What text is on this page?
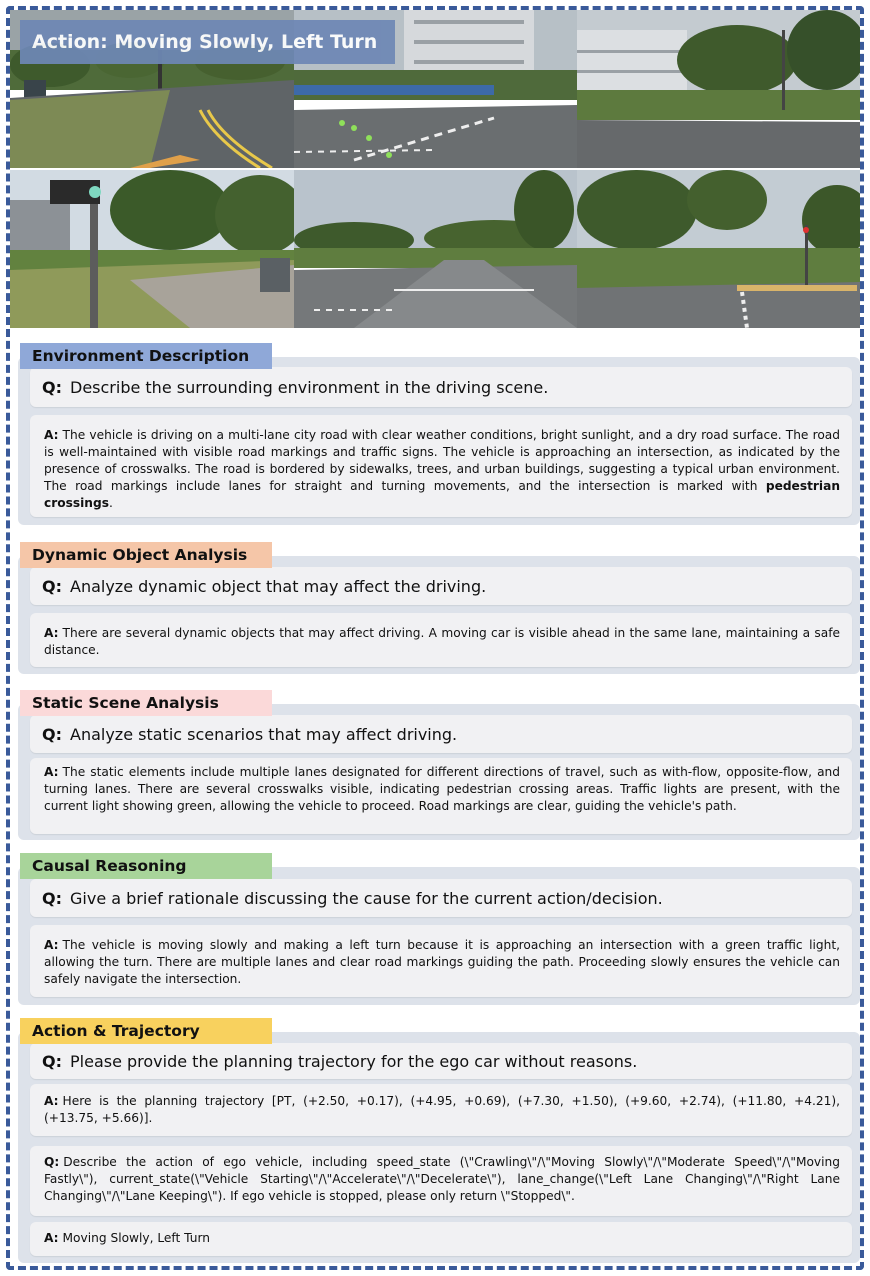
Action: Moving Slowly, Left Turn
Environment Description
Q: Describe the surrounding environment in the driving scene.
A: The vehicle is driving on a multi-lane city road with clear weather conditions, bright sunlight, and a dry road surface. The road is well-maintained with visible road markings and traffic signs. The vehicle is approaching an intersection, as indicated by the presence of crosswalks. The road is bordered by sidewalks, trees, and urban buildings, suggesting a typical urban environment. The road markings include lanes for straight and turning movements, and the intersection is marked with pedestrian crossings.
Dynamic Object Analysis
Q: Analyze dynamic object that may affect the driving.
A: There are several dynamic objects that may affect driving. A moving car is visible ahead in the same lane, maintaining a safe distance.
Static Scene Analysis
Q: Analyze static scenarios that may affect driving.
A: The static elements include multiple lanes designated for different directions of travel, such as with-flow, opposite-flow, and turning lanes. There are several crosswalks visible, indicating pedestrian crossing areas. Traffic lights are present, with the current light showing green, allowing the vehicle to proceed. Road markings are clear, guiding the vehicle's path.
Causal Reasoning
Q: Give a brief rationale discussing the cause for the current action/decision.
A: The vehicle is moving slowly and making a left turn because it is approaching an intersection with a green traffic light, allowing the turn. There are multiple lanes and clear road markings guiding the path. Proceeding slowly ensures the vehicle can safely navigate the intersection.
Action & Trajectory
Q: Please provide the planning trajectory for the ego car without reasons.
A: Here is the planning trajectory [PT, (+2.50, +0.17), (+4.95, +0.69), (+7.30, +1.50), (+9.60, +2.74), (+11.80, +4.21), (+13.75, +5.66)].
Q: Describe the action of ego vehicle, including speed_state (\"Crawling\"/\"Moving Slowly\"/\"Moderate Speed\"/\"Moving Fastly\"), current_state(\"Vehicle Starting\"/\"Accelerate\"/\"Decelerate\"), lane_change(\"Left Lane Changing\"/\"Right Lane Changing\"/\"Lane Keeping\"). If ego vehicle is stopped, please only return \"Stopped\".
A: Moving Slowly, Left Turn
